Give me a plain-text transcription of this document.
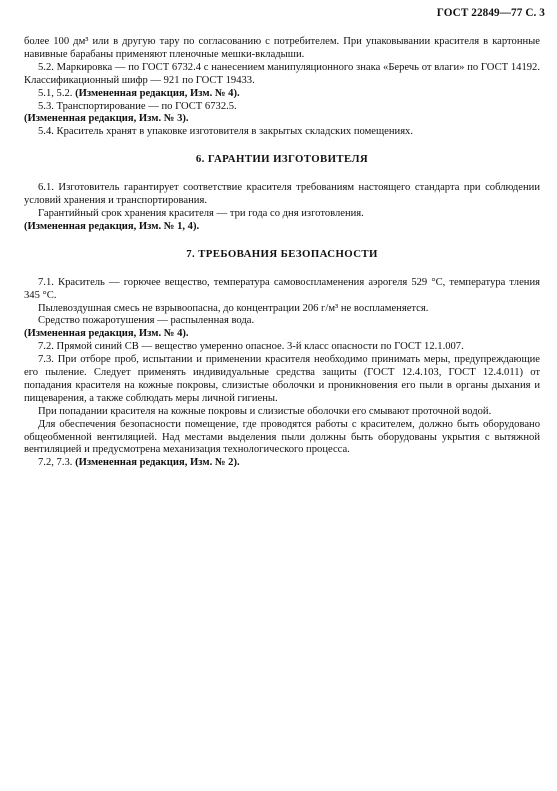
ГОСТ 22849—77 С. 3

более 100 дм³ или в другую тару по согласованию с потребителем. При упаковывании красителя в картонные навивные барабаны применяют пленочные мешки-вкладыши.

5.2. Маркировка — по ГОСТ 6732.4 с нанесением манипуляционного знака «Беречь от влаги» по ГОСТ 14192. Классификационный шифр — 921 по ГОСТ 19433.

5.1, 5.2. (Измененная редакция, Изм. № 4).

5.3. Транспортирование — по ГОСТ 6732.5.

(Измененная редакция, Изм. № 3).

5.4. Краситель хранят в упаковке изготовителя в закрытых складских помещениях.

6. ГАРАНТИИ ИЗГОТОВИТЕЛЯ

6.1. Изготовитель гарантирует соответствие красителя требованиям настоящего стандарта при соблюдении условий хранения и транспортирования.

Гарантийный срок хранения красителя — три года со дня изготовления.

(Измененная редакция, Изм. № 1, 4).

7. ТРЕБОВАНИЯ БЕЗОПАСНОСТИ

7.1. Краситель — горючее вещество, температура самовоспламенения аэрогеля 529 °С, температура тления 345 °С.

Пылевоздушная смесь не взрывоопасна, до концентрации 206 г/м³ не воспламеняется.

Средство пожаротушения — распыленная вода.

(Измененная редакция, Изм. № 4).

7.2. Прямой синий СВ — вещество умеренно опасное. 3-й класс опасности по ГОСТ 12.1.007.

7.3. При отборе проб, испытании и применении красителя необходимо принимать меры, предупреждающие его пыление. Следует применять индивидуальные средства защиты (ГОСТ 12.4.103, ГОСТ 12.4.011) от попадания красителя на кожные покровы, слизистые оболочки и проникновения его пыли в органы дыхания и пищеварения, а также соблюдать меры личной гигиены.

При попадании красителя на кожные покровы и слизистые оболочки его смывают проточной водой.

Для обеспечения безопасности помещение, где проводятся работы с красителем, должно быть оборудовано общеобменной вентиляцией. Над местами выделения пыли должны быть оборудованы укрытия с вытяжной вентиляцией и предусмотрена механизация технологического процесса.

7.2, 7.3. (Измененная редакция, Изм. № 2).
